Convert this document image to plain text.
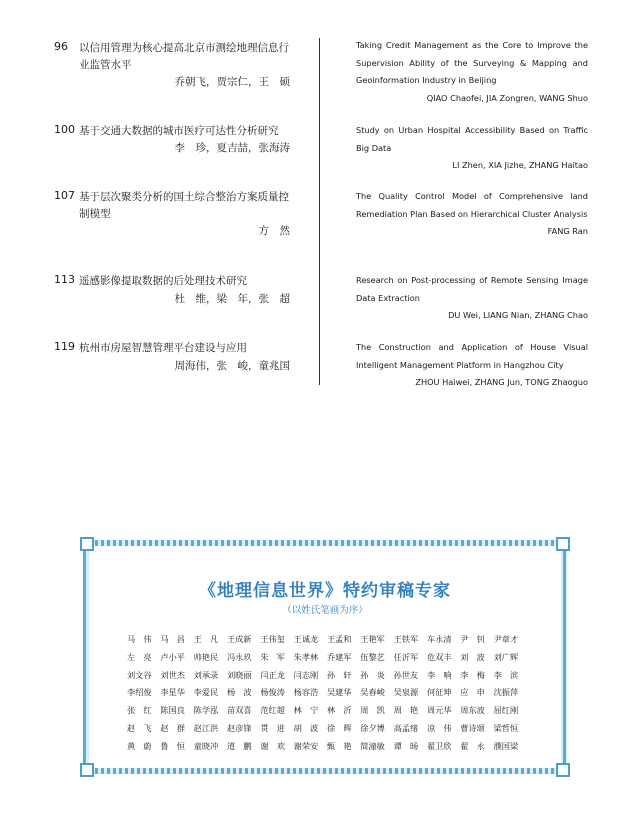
96	以信用管理为核心提高北京市测绘地理信息行业监管水平
乔朝飞，贾宗仁，王　硕
Taking Credit Management as the Core to Improve the Supervision Ability of the Surveying & Mapping and Geoinformation Industry in Beijing
QIAO Chaofei, JIA Zongren, WANG Shuo
100 基于交通大数据的城市医疗可达性分析研究
李　珍，夏吉喆，张海涛
Study on Urban Hospital Accessibility Based on Traffic Big Data
LI Zhen, XIA Jizhe, ZHANG Haitao
107 基于层次聚类分析的国土综合整治方案质量控制模型
方　然
The Quality Control Model of Comprehensive land Remediation Plan Based on Hierarchical Cluster Analysis
FANG Ran
113 遥感影像提取数据的后处理技术研究
杜　维，梁　年，张　超
Research on Post-processing of Remote Sensing Image Data Extraction
DU Wei, LIANG Nian, ZHANG Chao
119 杭州市房屋智慧管理平台建设与应用
周海伟，张　峻，童兆国
The Construction and Application of House Visual Intelligent Management Platform in Hangzhou City
ZHOU Haiwei, ZHANG Jun, TONG Zhaoguo
《地理信息世界》特约审稿专家
（以姓氏笔画为序）
马　伟	马　昌	王　凡	王成新	王伟玺	王诚龙	王孟和	王艳军	王铁军	车永清	尹　钊	尹章才
左　亮	卢小平	帅艳民	冯永玖	朱　军	朱孝林	乔建军	伍黎艺	任沂军	危双丰	刘　波	刘广辉
刘文谷	刘世杰	刘承录	刘晓丽	闫正龙	闫志刚	孙　轩	孙　炎	孙世友	李　响	李　梅	李　滨
李绍俊	李星华	李爱民	杨　波	杨俊涛	杨容浩	吴建华	吴春峻	吴泉源	何征坤	应　申	沈振萍
张　红	陈国良	陈学泓	苗双喜	范红超	林　宁	林　沂	周　凯	周　艳	周元华	周东波	屈红刚
赵　飞	赵　群	赵江洪	赵彦锋	贯　进	胡　波	徐　辉	徐夕博	高孟绪	凉　伟	曹诗颂	梁哲恒
黄　蔚	鲁　恒	童晓冲	道　鹏	谢　欢	谢荣安	甄　艳	简潼敏	谭　旸	翟卫欣	翟　永	濮国梁
